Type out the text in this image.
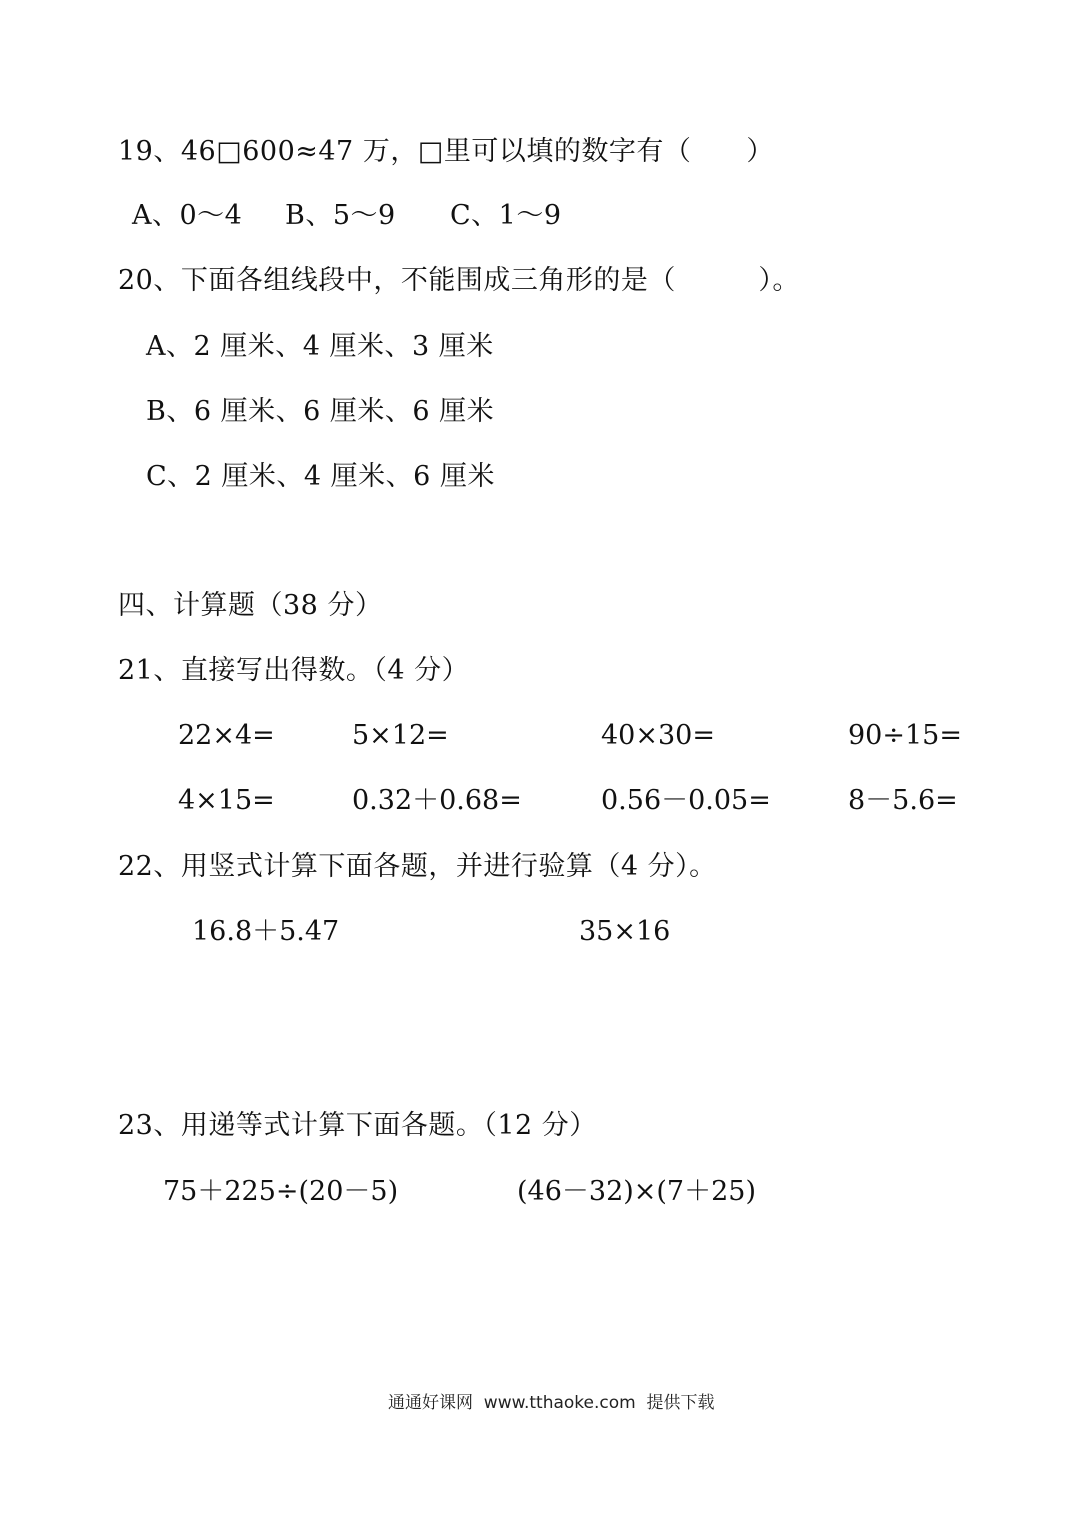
19、46□600≈47 万，□里可以填的数字有（　　）
A、0～4 B、5～9 C、1～9
20、下面各组线段中，不能围成三角形的是（　　　）。
A、2 厘米、4 厘米、3 厘米
B、6 厘米、6 厘米、6 厘米
C、2 厘米、4 厘米、6 厘米
四、计算题（38 分）
21、直接写出得数。（4 分）
22×4=	5×12=	40×30=	90÷15=
4×15=	0.32＋0.68=	0.56－0.05=	8－5.6=
22、用竖式计算下面各题，并进行验算（4 分）。
16.8＋5.47	35×16
23、用递等式计算下面各题。（12 分）
75＋225÷(20－5)	(46－32)×(7＋25)
通通好课网  www.tthaoke.com  提供下载
